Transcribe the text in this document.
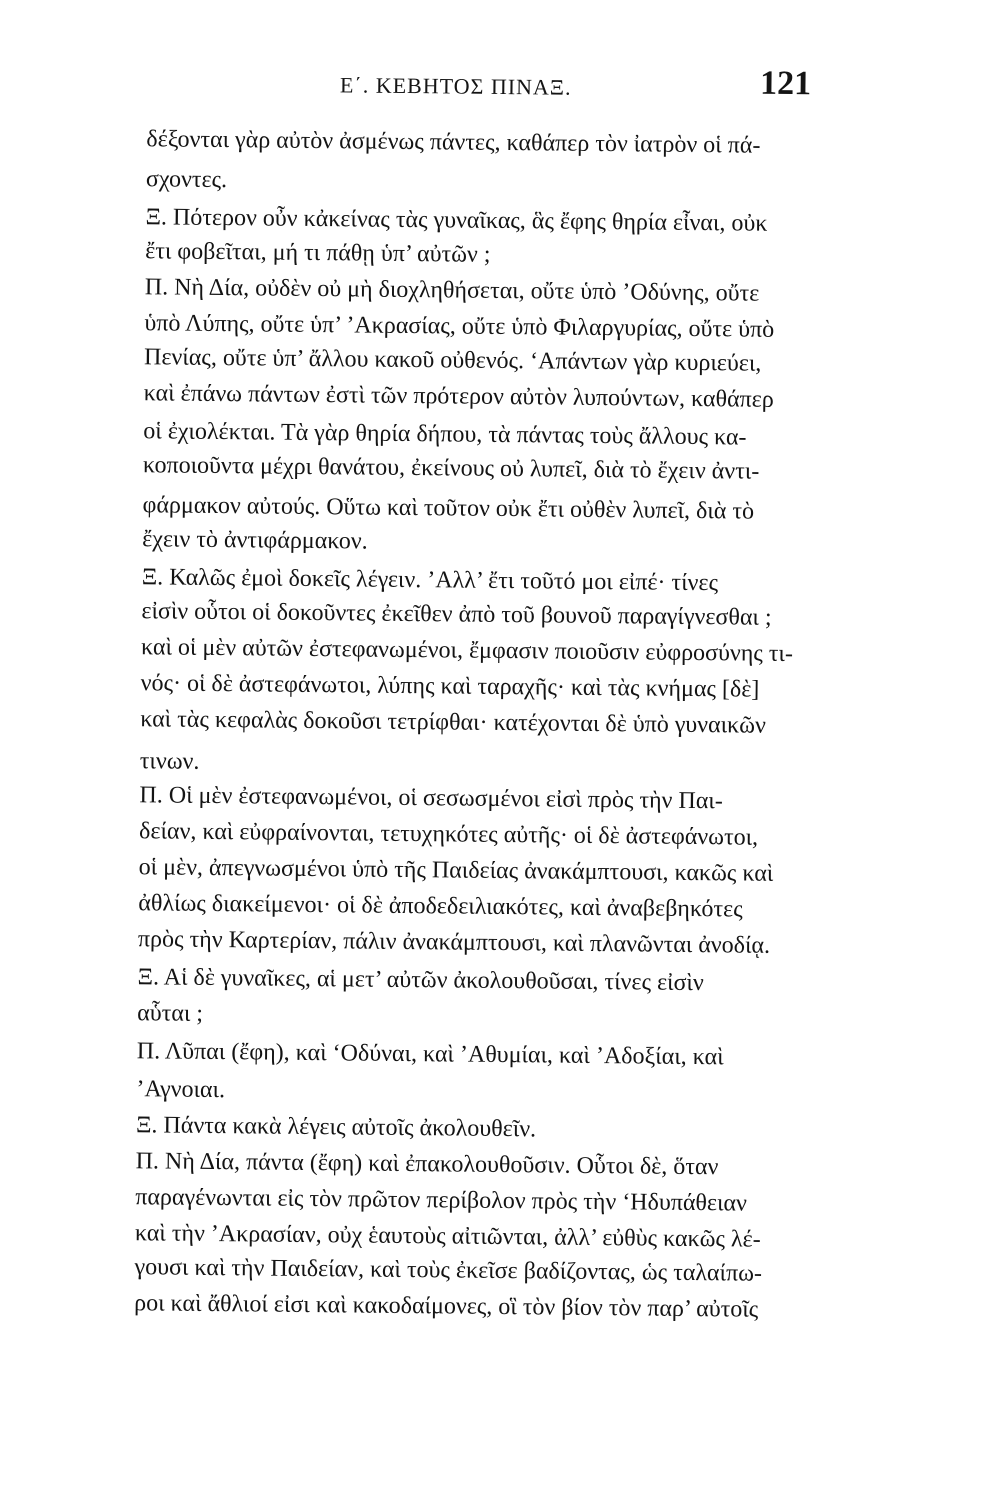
Ε΄. ΚΕΒΗΤΟΣ ΠΙΝΑΞ.	121
δέξονται γὰρ αὐτὸν ἀσμένως πάντες, καθάπερ τὸν ἰατρὸν οἱ πά-
σχοντες.
Ξ. Πότερον οὖν κἀκείνας τὰς γυναῖκας, ἃς ἔφης θηρία εἶναι, οὐκ
ἔτι φοβεῖται, μή τι πάθῃ ὑπ’ αὐτῶν ;
Π. Νὴ Δία, οὐδὲν οὐ μὴ διοχληθήσεται, οὔτε ὑπὸ ’Οδύνης, οὔτε
ὑπὸ Λύπης, οὔτε ὑπ’ ’Ακρασίας, οὔτε ὑπὸ Φιλαργυρίας, οὔτε ὑπὸ
Πενίας, οὔτε ὑπ’ ἄλλου κακοῦ οὐθενός. ‘Απάντων γὰρ κυριεύει,
καὶ ἐπάνω πάντων ἐστὶ τῶν πρότερον αὐτὸν λυπούντων, καθάπερ
οἱ ἐχιολέκται. Τὰ γὰρ θηρία δήπου, τὰ πάντας τοὺς ἄλλους κα-
κοποιοῦντα μέχρι θανάτου, ἐκείνους οὐ λυπεῖ, διὰ τὸ ἔχειν ἀντι-
φάρμακον αὐτούς. Οὕτω καὶ τοῦτον οὐκ ἔτι οὐθὲν λυπεῖ, διὰ τὸ
ἔχειν τὸ ἀντιφάρμακον.
Ξ. Καλῶς ἐμοὶ δοκεῖς λέγειν. ’Αλλ’ ἔτι τοῦτό μοι εἰπέ· τίνες
εἰσὶν οὗτοι οἱ δοκοῦντες ἐκεῖθεν ἀπὸ τοῦ βουνοῦ παραγίγνεσθαι ;
καὶ οἱ μὲν αὐτῶν ἐστεφανωμένοι, ἔμφασιν ποιοῦσιν εὐφροσύνης τι-
νός· οἱ δὲ ἀστεφάνωτοι, λύπης καὶ ταραχῆς· καὶ τὰς κνήμας [δὲ]
καὶ τὰς κεφαλὰς δοκοῦσι τετρίφθαι· κατέχονται δὲ ὑπὸ γυναικῶν
τινων.
Π. Οἱ μὲν ἐστεφανωμένοι, οἱ σεσωσμένοι εἰσὶ πρὸς τὴν Παι-
δείαν, καὶ εὐφραίνονται, τετυχηκότες αὐτῆς· οἱ δὲ ἀστεφάνωτοι,
οἱ μὲν, ἀπεγνωσμένοι ὑπὸ τῆς Παιδείας ἀνακάμπτουσι, κακῶς καὶ
ἀθλίως διακείμενοι· οἱ δὲ ἀποδεδειλιακότες, καὶ ἀναβεβηκότες
πρὸς τὴν Καρτερίαν, πάλιν ἀνακάμπτουσι, καὶ πλανῶνται ἀνοδίᾳ.
Ξ. Αἱ δὲ γυναῖκες, αἱ μετ’ αὐτῶν ἀκολουθοῦσαι, τίνες εἰσὶν
αὗται ;
Π. Λῦπαι (ἔφη), καὶ ‘Οδύναι, καὶ ’Αθυμίαι, καὶ ’Αδοξίαι, καὶ
’Αγνοιαι.
Ξ. Πάντα κακὰ λέγεις αὐτοῖς ἀκολουθεῖν.
Π. Νὴ Δία, πάντα (ἔφη) καὶ ἐπακολουθοῦσιν. Οὗτοι δὲ, ὅταν
παραγένωνται εἰς τὸν πρῶτον περίβολον πρὸς τὴν ‘Ηδυπάθειαν
καὶ τὴν ’Ακρασίαν, οὐχ ἑαυτοὺς αἰτιῶνται, ἀλλ’ εὐθὺς κακῶς λέ-
γουσι καὶ τὴν Παιδείαν, καὶ τοὺς ἐκεῖσε βαδίζοντας, ὡς ταλαίπω-
ροι καὶ ἄθλιοί εἰσι καὶ κακοδαίμονες, οἳ τὸν βίον τὸν παρ’ αὐτοῖς
